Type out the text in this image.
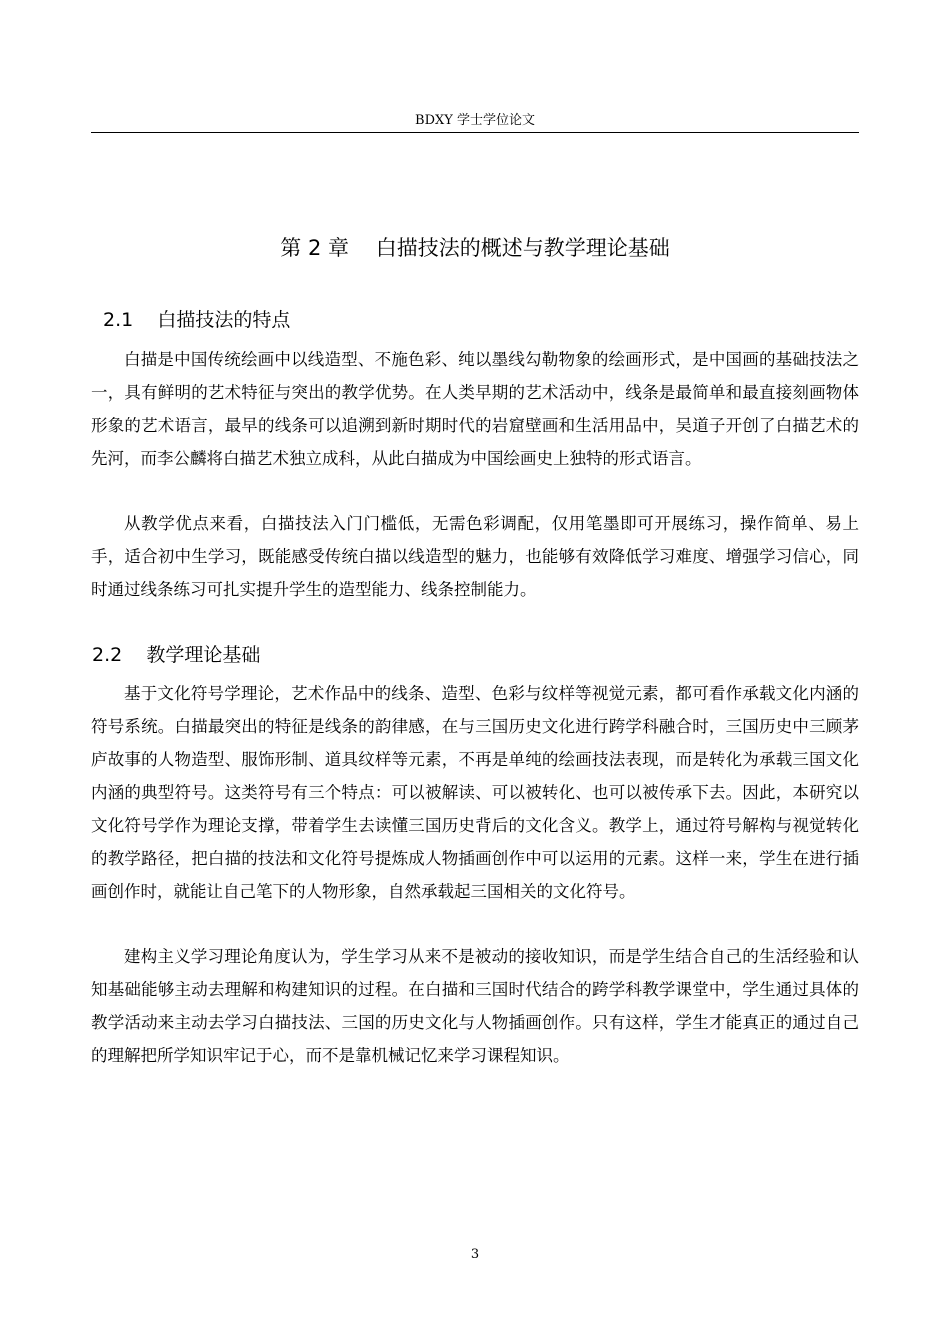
BDXY 学士学位论文
第 2 章    白描技法的概述与教学理论基础
2.1    白描技法的特点

白描是中国传统绘画中以线造型、不施色彩、纯以墨线勾勒物象的绘画形式，是中国画的基础技法之一，具有鲜明的艺术特征与突出的教学优势。在人类早期的艺术活动中，线条是最简单和最直接刻画物体形象的艺术语言，最早的线条可以追溯到新时期时代的岩窟壁画和生活用品中，吴道子开创了白描艺术的先河，而李公麟将白描艺术独立成科，从此白描成为中国绘画史上独特的形式语言。

从教学优点来看，白描技法入门门槛低，无需色彩调配，仅用笔墨即可开展练习，操作简单、易上手，适合初中生学习，既能感受传统白描以线造型的魅力，也能够有效降低学习难度、增强学习信心，同时通过线条练习可扎实提升学生的造型能力、线条控制能力。

2.2    教学理论基础

基于文化符号学理论，艺术作品中的线条、造型、色彩与纹样等视觉元素，都可看作承载文化内涵的符号系统。白描最突出的特征是线条的韵律感，在与三国历史文化进行跨学科融合时，三国历史中三顾茅庐故事的人物造型、服饰形制、道具纹样等元素，不再是单纯的绘画技法表现，而是转化为承载三国文化内涵的典型符号。这类符号有三个特点：可以被解读、可以被转化、也可以被传承下去。因此，本研究以文化符号学作为理论支撑，带着学生去读懂三国历史背后的文化含义。教学上，通过符号解构与视觉转化的教学路径，把白描的技法和文化符号提炼成人物插画创作中可以运用的元素。这样一来，学生在进行插画创作时，就能让自己笔下的人物形象，自然承载起三国相关的文化符号。

建构主义学习理论角度认为，学生学习从来不是被动的接收知识，而是学生结合自己的生活经验和认知基础能够主动去理解和构建知识的过程。在白描和三国时代结合的跨学科教学课堂中，学生通过具体的教学活动来主动去学习白描技法、三国的历史文化与人物插画创作。只有这样，学生才能真正的通过自己的理解把所学知识牢记于心，而不是靠机械记忆来学习课程知识。

3
